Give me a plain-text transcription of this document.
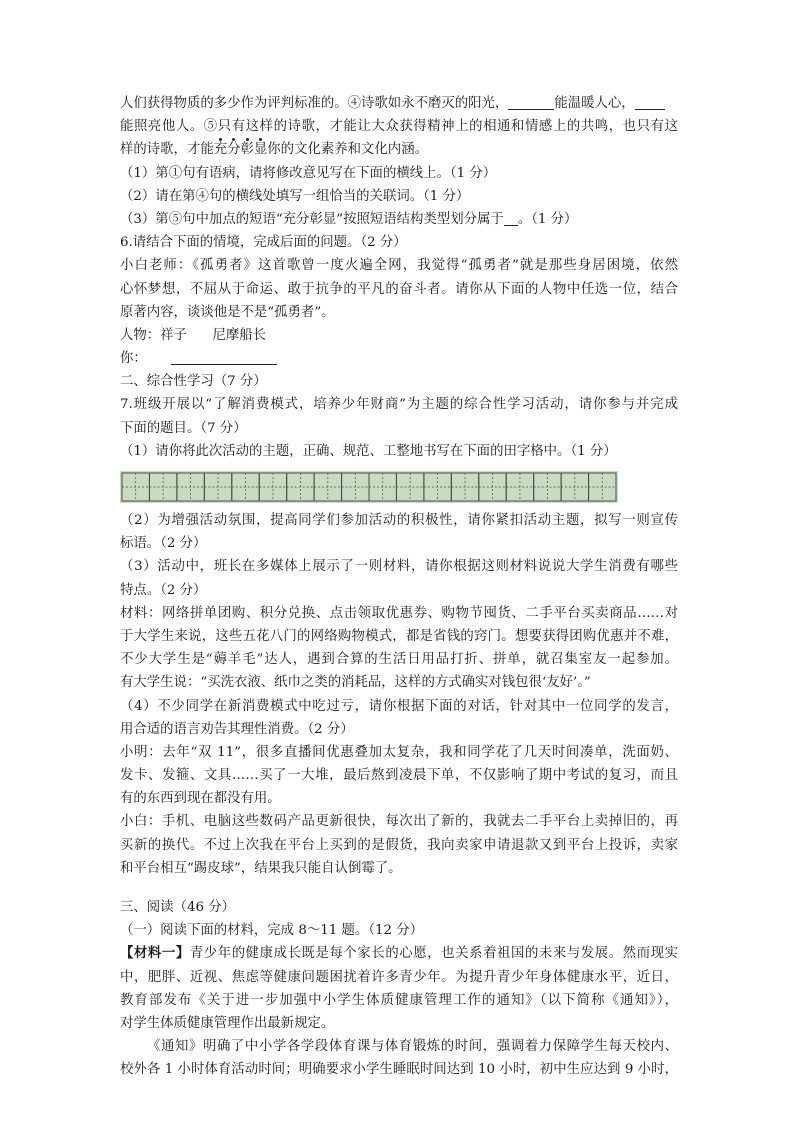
人们获得物质的多少作为评判标准的。④诗歌如永不磨灭的阳光，	能温暖人心，
能照亮他人。⑤只有这样的诗歌，才能让大众获得精神上的相通和情感上的共鸣，也只有这
样的诗歌，才能
充
分
彰
显你的文化素养和文化内涵。
（1）第①句有语病，请将修改意见写在下面的横线上。（1 分）
（2）请在第④句的横线处填写一组恰当的关联词。（1 分）
（3）第⑤句中加点的短语“充分彰显”按照短语结构类型划分属于 。（1 分）
6.请结合下面的情境，完成后面的问题。（2 分）
小白老师：《孤勇者》这首歌曾一度火遍全网，我觉得“孤勇者”就是那些身居困境，依然
心怀梦想，不屈从于命运、敢于抗争的平凡的奋斗者。请你从下面的人物中任选一位，结合
原著内容，谈谈他是不是“孤勇者”。
人物：祥子      尼摩船长
你：
二、综合性学习（7 分）
7.班级开展以“了解消费模式，培养少年财商”为主题的综合性学习活动，请你参与并完成
下面的题目。（7 分）
（1）请你将此次活动的主题，正确、规范、工整地书写在下面的田字格中。（1 分）
（2）为增强活动氛围，提高同学们参加活动的积极性，请你紧扣活动主题，拟写一则宣传
标语。（2 分）
（3）活动中，班长在多媒体上展示了一则材料，请你根据这则材料说说大学生消费有哪些
特点。（2 分）
材料：网络拼单团购、积分兑换、点击领取优惠券、购物节囤货、二手平台买卖商品……对
于大学生来说，这些五花八门的网络购物模式，都是省钱的窍门。想要获得团购优惠并不难，
不少大学生是“薅羊毛”达人，遇到合算的生活日用品打折、拼单，就召集室友一起参加。
有大学生说：“买洗衣液、纸巾之类的消耗品，这样的方式确实对钱包很‘友好’。”
（4）不少同学在新消费模式中吃过亏，请你根据下面的对话，针对其中一位同学的发言，
用合适的语言劝告其理性消费。（2 分）
小明：去年“双 11”，很多直播间优惠叠加太复杂，我和同学花了几天时间凑单，洗面奶、
发卡、发箍、文具……买了一大堆，最后熬到凌晨下单，不仅影响了期中考试的复习，而且
有的东西到现在都没有用。
小白：手机、电脑这些数码产品更新很快，每次出了新的，我就去二手平台上卖掉旧的，再
买新的换代。不过上次我在平台上买到的是假货，我向卖家申请退款又到平台上投诉，卖家
和平台相互“踢皮球”，结果我只能自认倒霉了。
三、阅读（46 分）
（一）阅读下面的材料，完成 8～11 题。（12 分）
【材料一】青少年的健康成长既是每个家长的心愿，也关系着祖国的未来与发展。然而现实
中，肥胖、近视、焦虑等健康问题困扰着许多青少年。为提升青少年身体健康水平，近日，
教育部发布《关于进一步加强中小学生体质健康管理工作的通知》（以下简称《通知》），
对学生体质健康管理作出最新规定。
《通知》明确了中小学各学段体育课与体育锻炼的时间，强调着力保障学生每天校内、
校外各 1 小时体育活动时间；明确要求小学生睡眠时间达到 10 小时，初中生应达到 9 小时，
